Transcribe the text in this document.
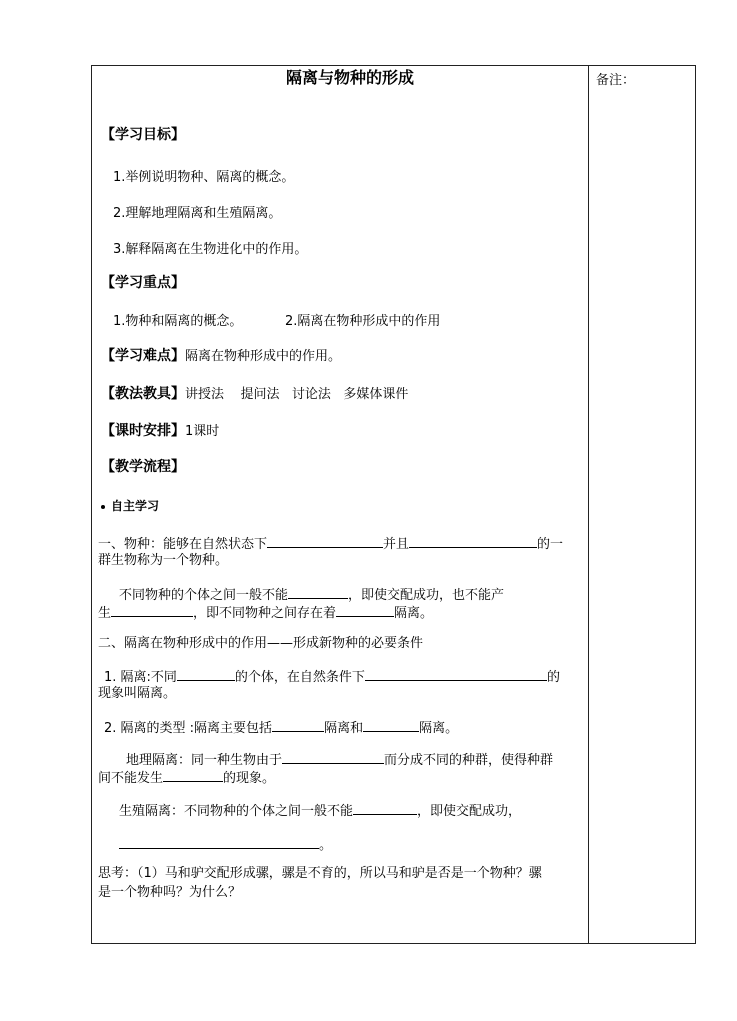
隔离与物种的形成	备注：
【学习目标】
1.举例说明物种、隔离的概念。
2.理解地理隔离和生殖隔离。
3.解释隔离在生物进化中的作用。
【学习重点】
1.物种和隔离的概念。	2.隔离在物种形成中的作用
【学习难点】隔离在物种形成中的作用。
【教法教具】讲授法    提问法   讨论法   多媒体课件
【课时安排】1课时
【教学流程】
自主学习
一、物种：能够在自然状态下	并且	的一
群生物称为一个物种。
不同物种的个体之间一般不能	，即使交配成功，也不能产
生	，即不同物种之间存在着	隔离。
二、隔离在物种形成中的作用——形成新物种的必要条件
1. 隔离:不同	的个体，在自然条件下	的
现象叫隔离。
2. 隔离的类型 :隔离主要包括	隔离和	隔离。
地理隔离：同一种生物由于	而分成不同的种群，使得种群
间不能发生	的现象。
生殖隔离：不同物种的个体之间一般不能	，即使交配成功，
。
思考：（1）马和驴交配形成骡，骡是不育的，所以马和驴是否是一个物种？骡
是一个物种吗？为什么？
